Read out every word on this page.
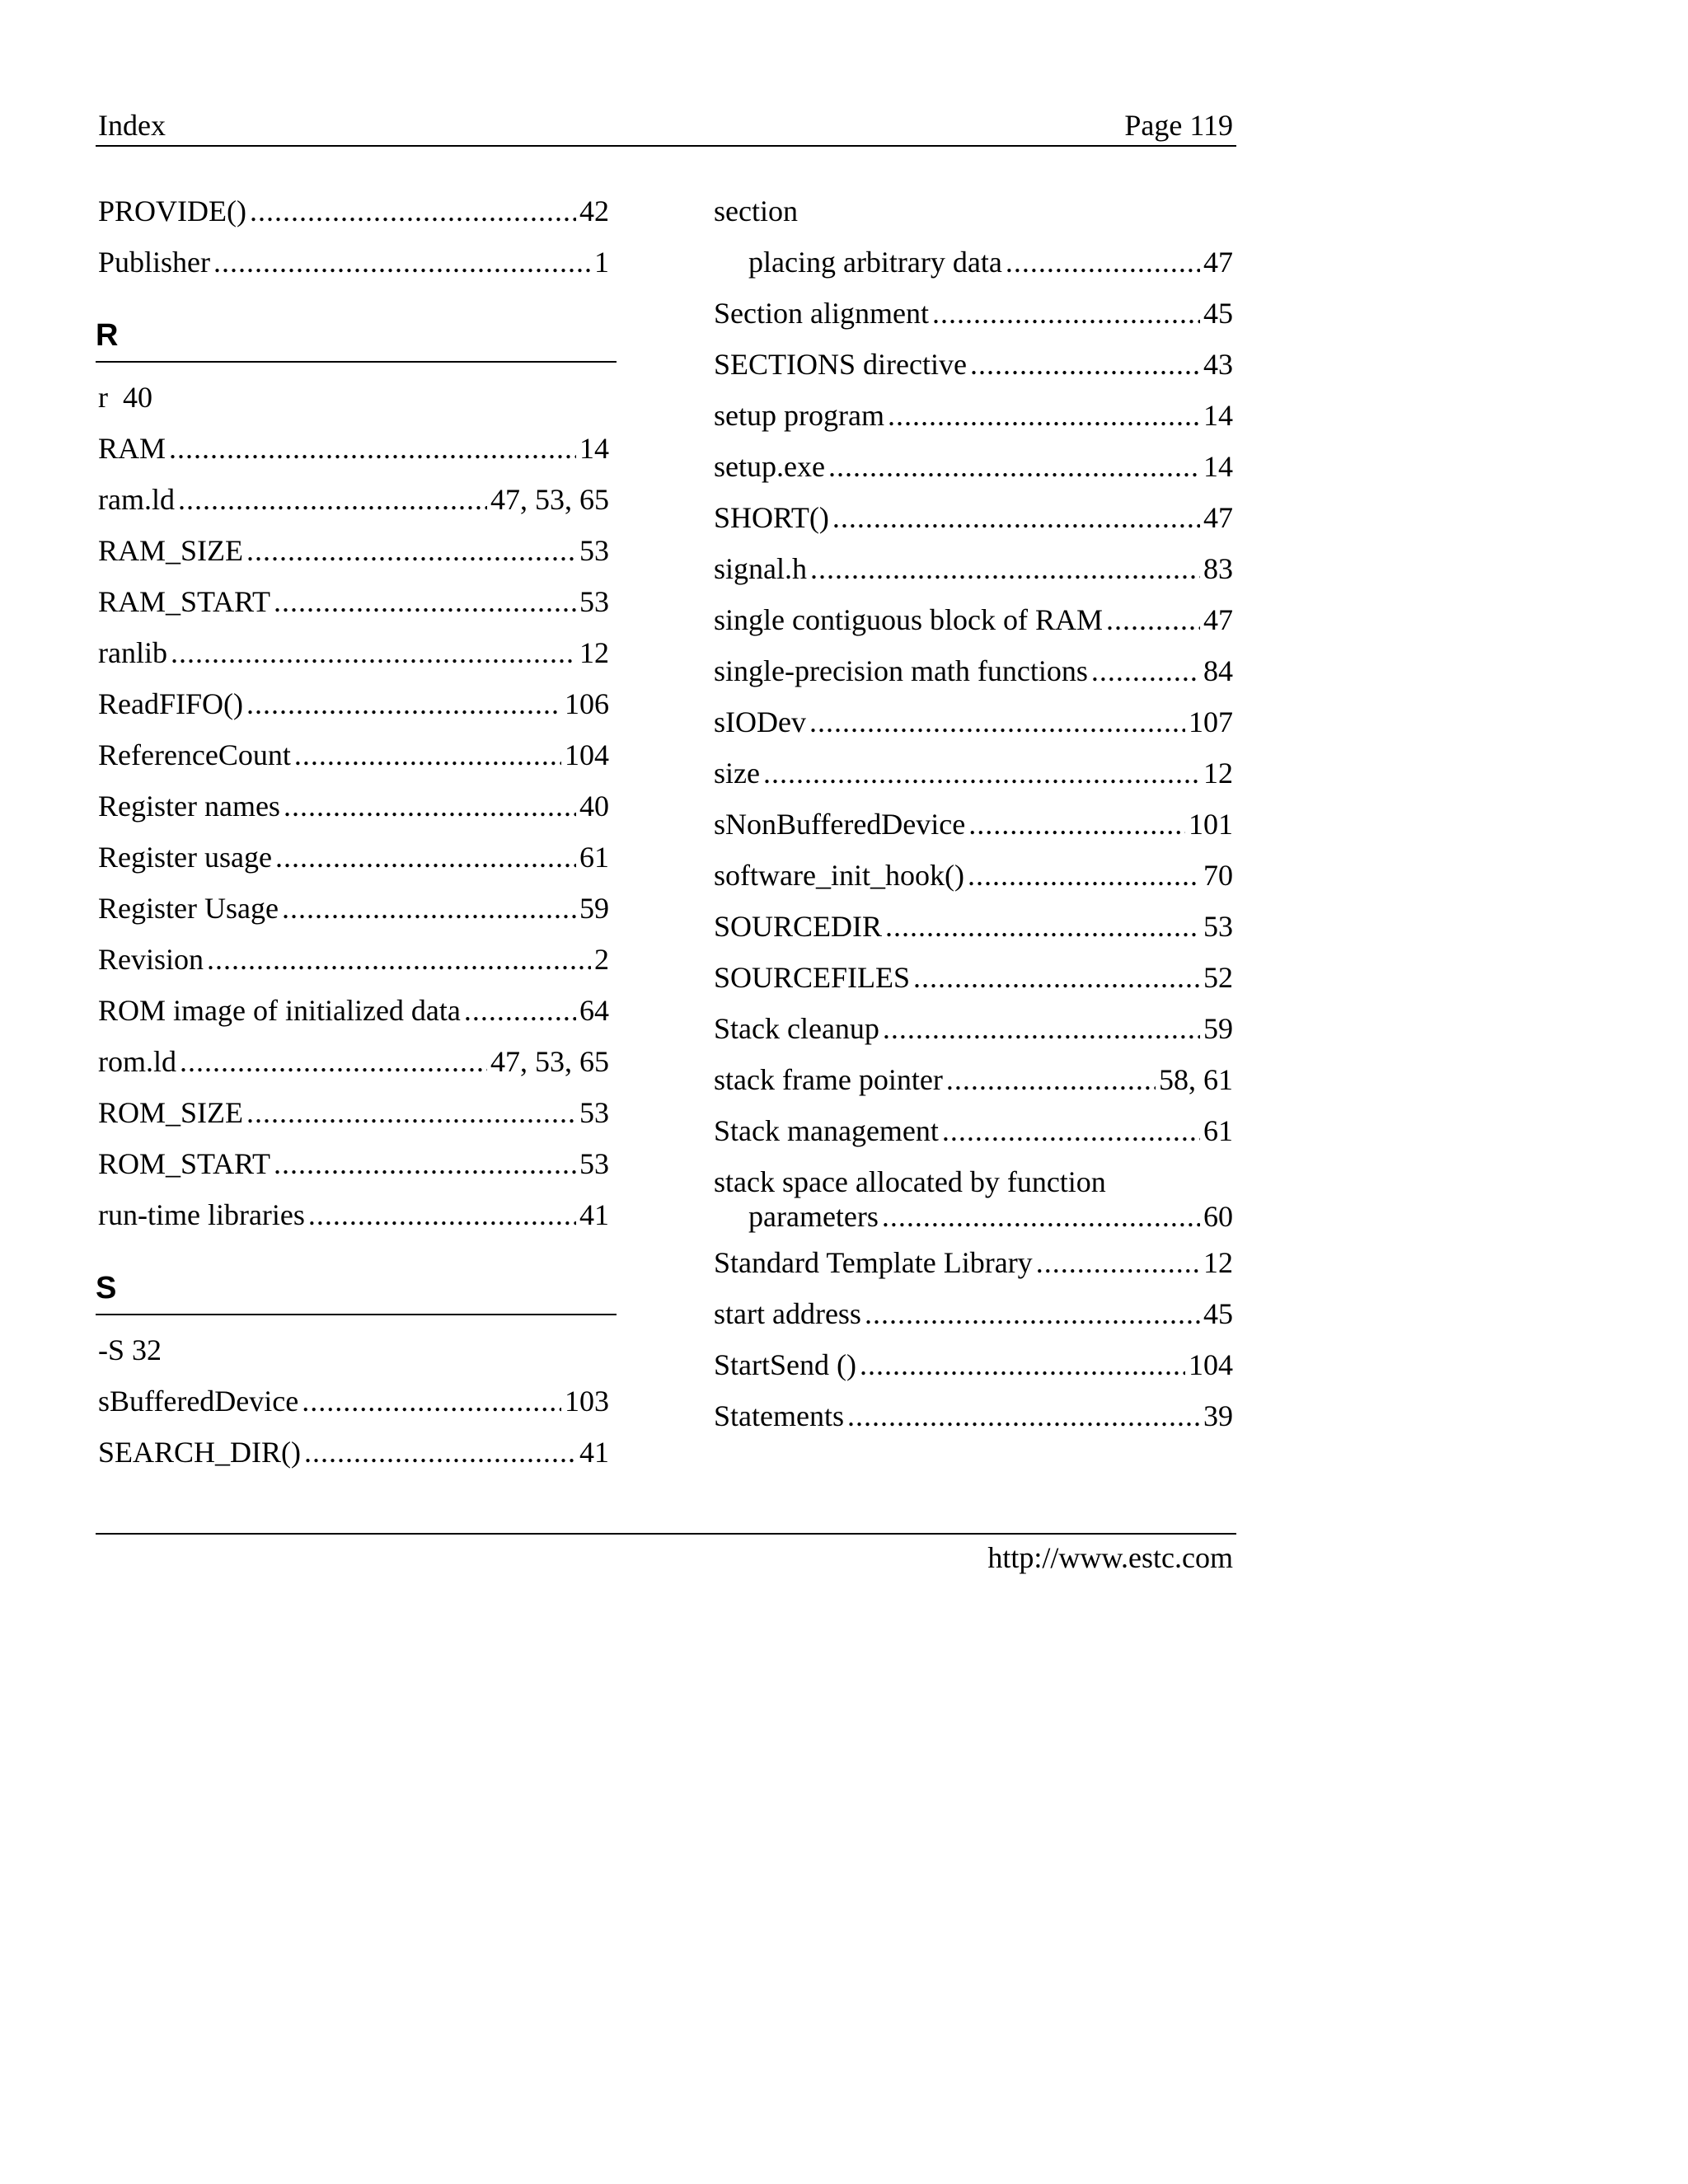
Index	Page 119
PROVIDE() .....	42
Publisher .....	1
R
r 40
RAM .....	14
ram.ld .....	47, 53, 65
RAM_SIZE .....	53
RAM_START .....	53
ranlib .....	12
ReadFIFO() .....	106
ReferenceCount .....	104
Register names .....	40
Register usage .....	61
Register Usage .....	59
Revision .....	2
ROM image of initialized data .....	64
rom.ld .....	47, 53, 65
ROM_SIZE .....	53
ROM_START .....	53
run-time libraries .....	41
S
-S 32
sBufferedDevice .....	103
SEARCH_DIR() .....	41
section
placing arbitrary data .....	47
Section alignment .....	45
SECTIONS directive .....	43
setup program .....	14
setup.exe .....	14
SHORT() .....	47
signal.h .....	83
single contiguous block of RAM .....	47
single-precision math functions .....	84
sIODev .....	107
size .....	12
sNonBufferedDevice .....	101
software_init_hook() .....	70
SOURCEDIR .....	53
SOURCEFILES .....	52
Stack cleanup .....	59
stack frame pointer .....	58, 61
Stack management .....	61
stack space allocated by function
parameters .....	60
Standard Template Library .....	12
start address .....	45
StartSend () .....	104
Statements .....	39
http://www.estc.com
